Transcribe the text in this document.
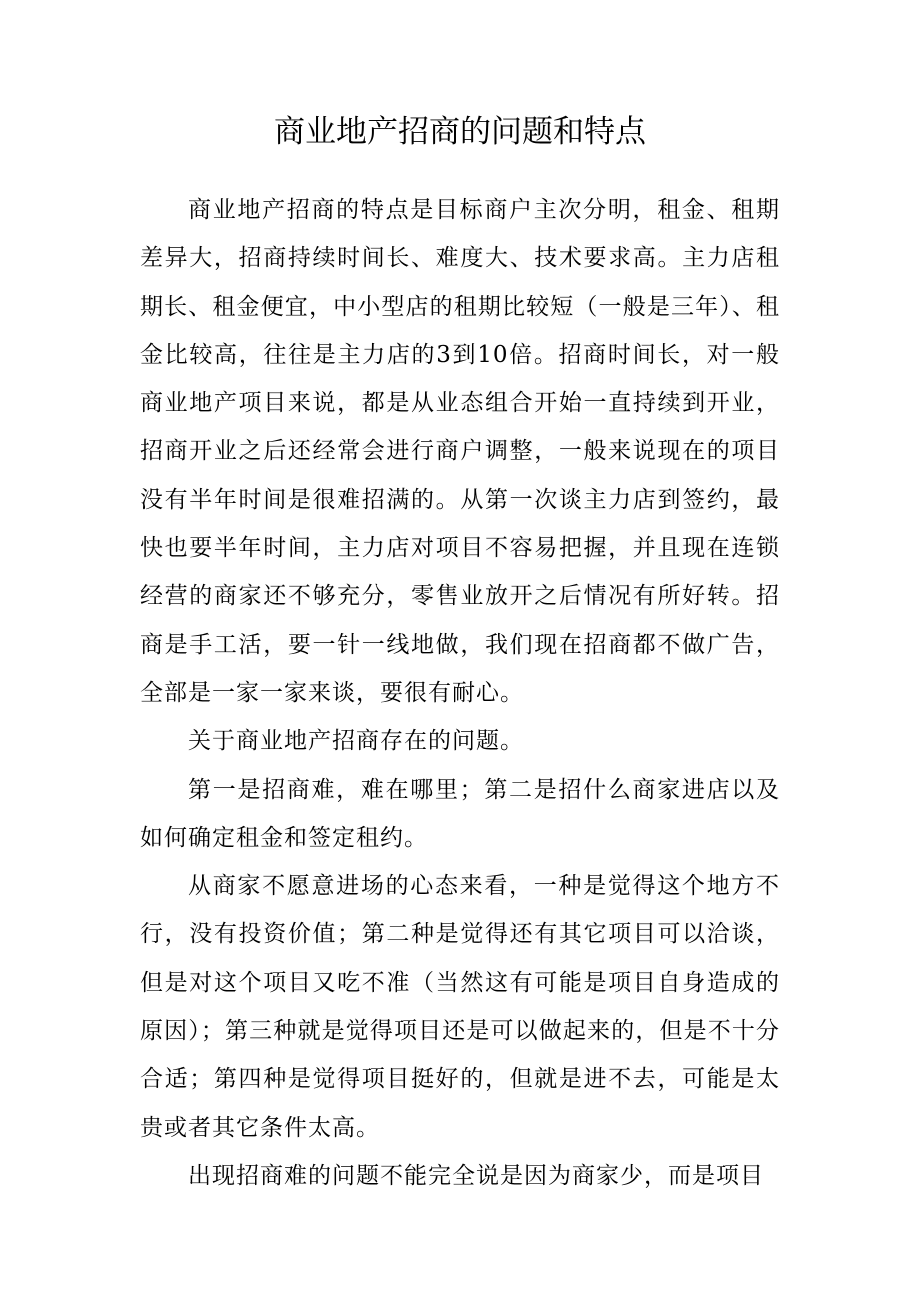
商业地产招商的问题和特点

商业地产招商的特点是目标商户主次分明，租金、租期差异大，招商持续时间长、难度大、技术要求高。主力店租期长、租金便宜，中小型店的租期比较短（一般是三年）、租金比较高，往往是主力店的3到10倍。招商时间长，对一般商业地产项目来说，都是从业态组合开始一直持续到开业，招商开业之后还经常会进行商户调整，一般来说现在的项目没有半年时间是很难招满的。从第一次谈主力店到签约，最快也要半年时间，主力店对项目不容易把握，并且现在连锁经营的商家还不够充分，零售业放开之后情况有所好转。招商是手工活，要一针一线地做，我们现在招商都不做广告，全部是一家一家来谈，要很有耐心。

关于商业地产招商存在的问题。

第一是招商难，难在哪里；第二是招什么商家进店以及如何确定租金和签定租约。

从商家不愿意进场的心态来看，一种是觉得这个地方不行，没有投资价值；第二种是觉得还有其它项目可以洽谈，但是对这个项目又吃不准（当然这有可能是项目自身造成的原因）；第三种就是觉得项目还是可以做起来的，但是不十分合适；第四种是觉得项目挺好的，但就是进不去，可能是太贵或者其它条件太高。

出现招商难的问题不能完全说是因为商家少，而是项目
